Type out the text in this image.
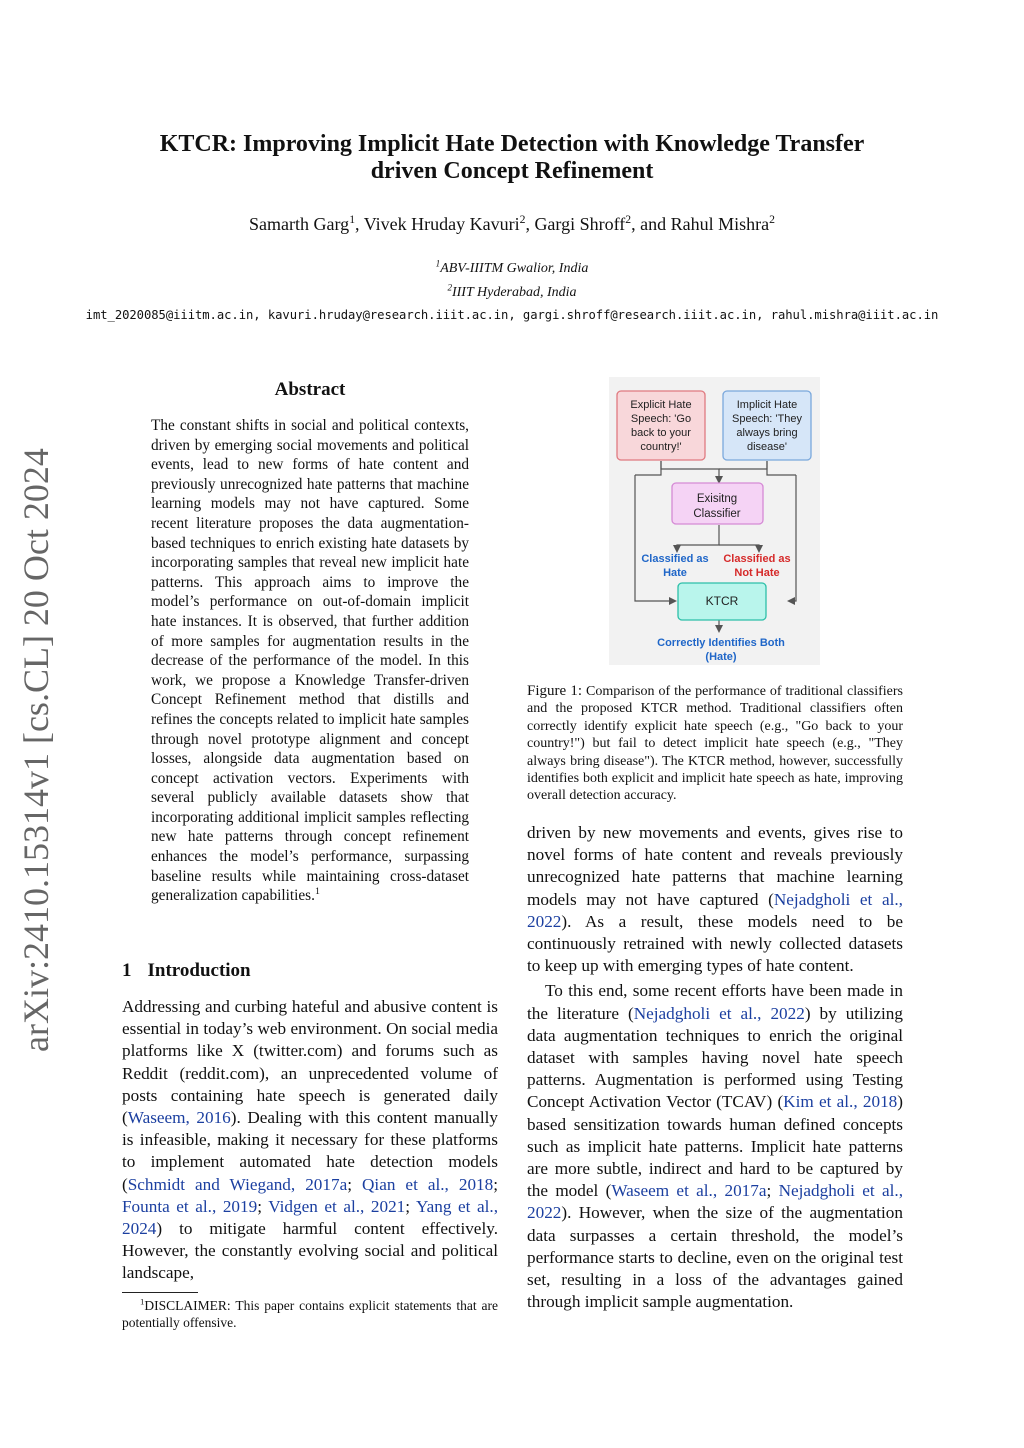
KTCR: Improving Implicit Hate Detection with Knowledge Transfer
driven Concept Refinement
Samarth Garg$^1$, Vivek Hruday Kavuri$^2$, Gargi Shroff$^2$, and Rahul Mishra$^2$
$^1$ABV-IIITM Gwalior, India
$^2$IIIT Hyderabad, India
imt_2020085@iiitm.ac.in, kavuri.hruday@research.iiit.ac.in, gargi.shroff@research.iiit.ac.in, rahul.mishra@iiit.ac.in
arXiv:2410.15314v1 [cs.CL] 20 Oct 2024
Abstract
The constant shifts in social and political contexts, driven by emerging social movements and political events, lead to new forms of hate content and previously unrecognized hate patterns that machine learning models may not have captured. Some recent literature proposes the data augmentation-based techniques to enrich existing hate datasets by incorporating samples that reveal new implicit hate patterns. This approach aims to improve the model’s performance on out-of-domain implicit hate instances. It is observed, that further addition of more samples for augmentation results in the decrease of the performance of the model. In this work, we propose a Knowledge Transfer-driven Concept Refinement method that distills and refines the concepts related to implicit hate samples through novel prototype alignment and concept losses, alongside data augmentation based on concept activation vectors. Experiments with several publicly available datasets show that incorporating additional implicit samples reflecting new hate patterns through concept refinement enhances the model’s performance, surpassing baseline results while maintaining cross-dataset generalization capabilities.$^1$
1 Introduction
Addressing and curbing hateful and abusive content is essential in today’s web environment. On social media platforms like X (twitter.com) and forums such as Reddit (reddit.com), an unprecedented volume of posts containing hate speech is generated daily (Waseem, 2016). Dealing with this content manually is infeasible, making it necessary for these platforms to implement automated hate detection models (Schmidt and Wiegand, 2017a; Qian et al., 2018; Founta et al., 2019; Vidgen et al., 2021; Yang et al., 2024) to mitigate harmful content effectively. However, the constantly evolving social and political landscape,
$^1$DISCLAIMER: This paper contains explicit statements that are potentially offensive.
Explicit Hate
Speech: 'Go
back to your
country!'
Implicit Hate
Speech: 'They
always bring
disease'
Exisitng
Classifier
Classified as
Hate
Classified as
Not Hate
KTCR
Correctly Identifies Both
(Hate)
Figure 1: Comparison of the performance of traditional classifiers and the proposed KTCR method. Traditional classifiers often correctly identify explicit hate speech (e.g., "Go back to your country!") but fail to detect implicit hate speech (e.g., "They always bring disease"). The KTCR method, however, successfully identifies both explicit and implicit hate speech as hate, improving overall detection accuracy.

driven by new movements and events, gives rise to novel forms of hate content and reveals previously unrecognized hate patterns that machine learning models may not have captured (Nejadgholi et al., 2022). As a result, these models need to be continuously retrained with newly collected datasets to keep up with emerging types of hate content.

To this end, some recent efforts have been made in the literature (Nejadgholi et al., 2022) by utilizing data augmentation techniques to enrich the original dataset with samples having novel hate speech patterns. Augmentation is performed using Testing Concept Activation Vector (TCAV) (Kim et al., 2018) based sensitization towards human defined concepts such as implicit hate patterns. Implicit hate patterns are more subtle, indirect and hard to be captured by the model (Waseem et al., 2017a; Nejadgholi et al., 2022). However, when the size of the augmentation data surpasses a certain threshold, the model’s performance starts to decline, even on the original test set, resulting in a loss of the advantages gained through implicit sample augmentation.
